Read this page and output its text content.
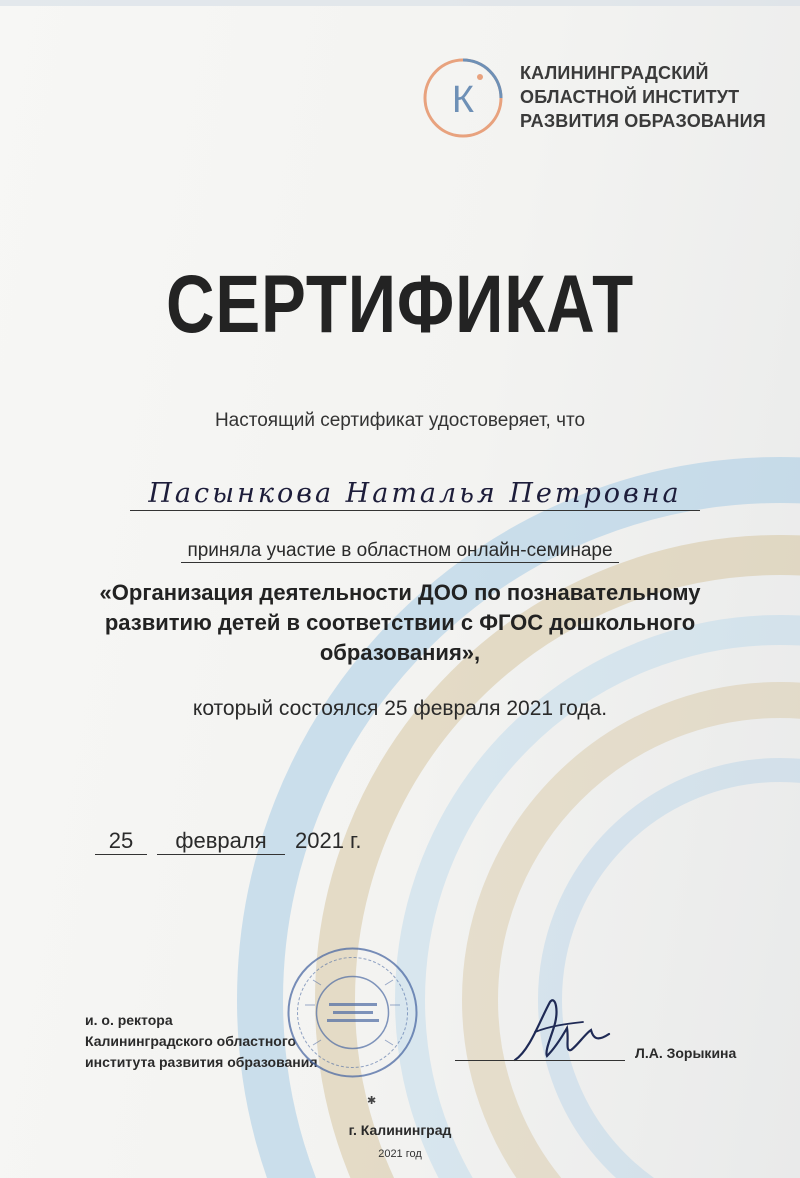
К
КАЛИНИНГРАДСКИЙ
ОБЛАСТНОЙ ИНСТИТУТ
РАЗВИТИЯ ОБРАЗОВАНИЯ
СЕРТИФИКАТ
Настоящий сертификат удостоверяет, что
Пасынкова Наталья Петровна
приняла участие в областном онлайн-семинаре
«Организация деятельности ДОО по познавательному
развитию детей в соответствии с ФГОС дошкольного
образования»,
который состоялся 25 февраля 2021 года.
25	февраля	2021 г.
и. о. ректора
Калининградского областного
института развития образования
Л.А. Зорыкина
✱
г. Калининград
2021 год
